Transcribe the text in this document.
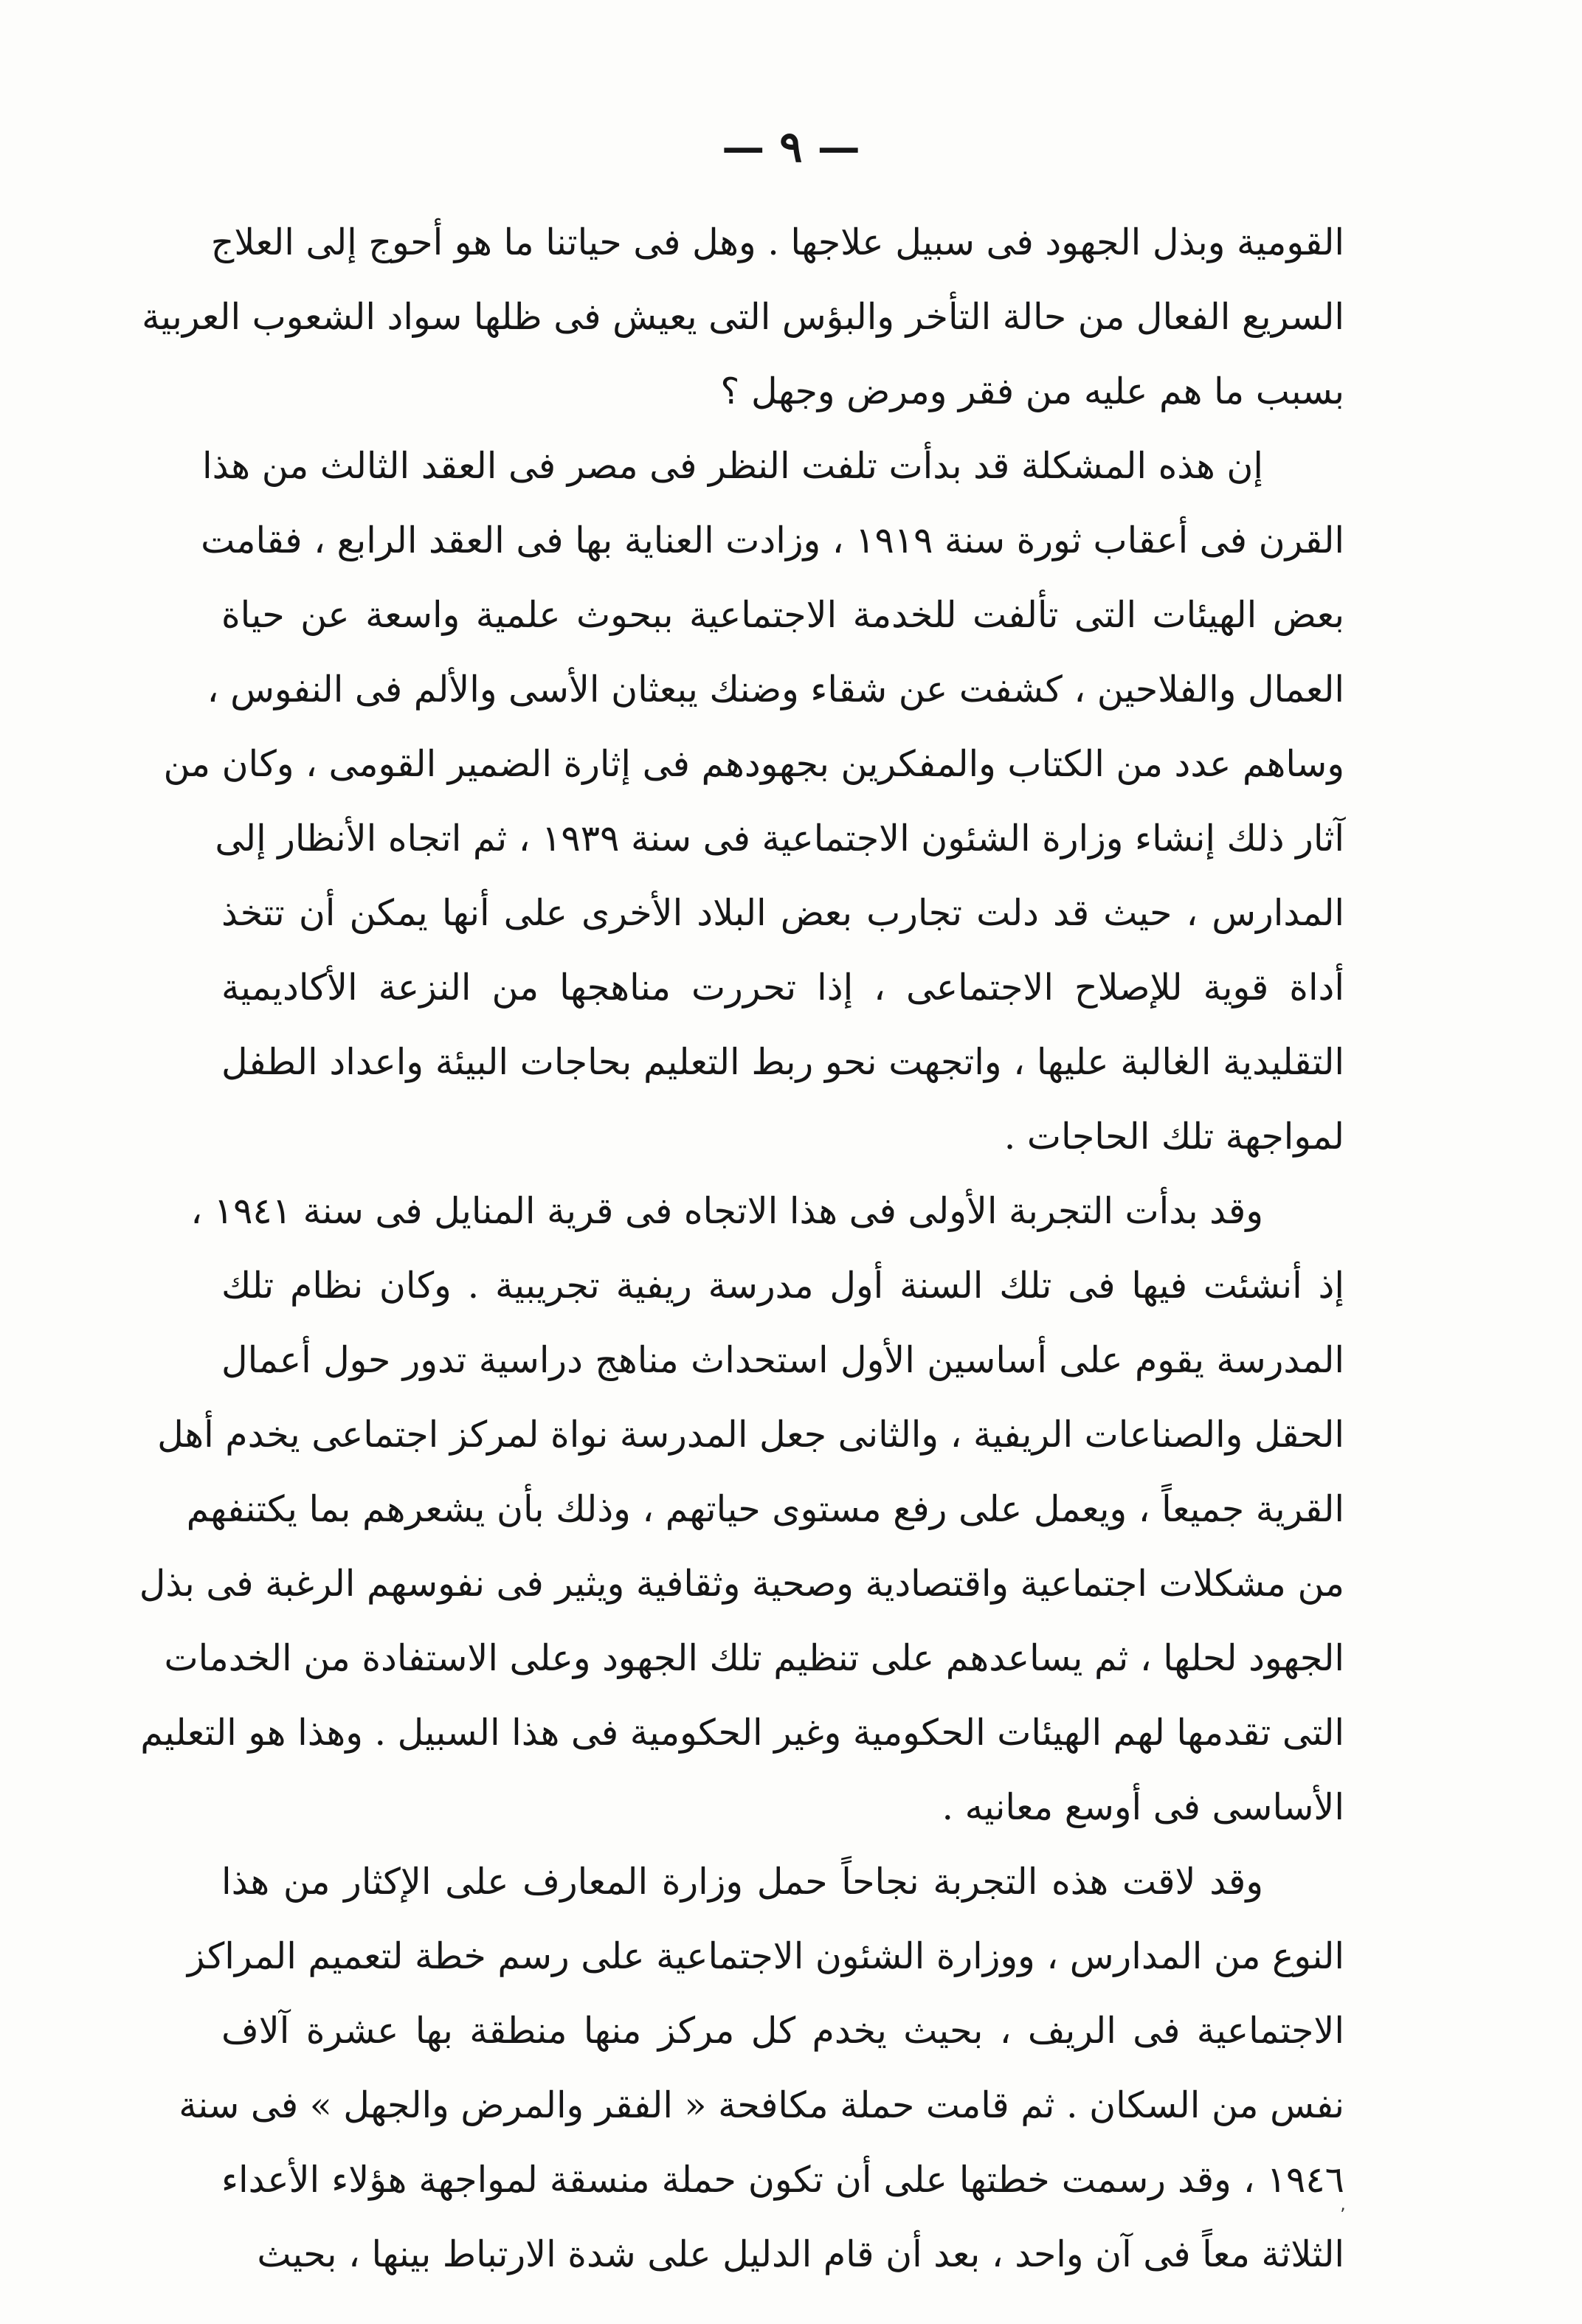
— ٩ —
القومية وبذل الجهود فى سبيل علاجها . وهل فى حياتنا ما هو أحوج إلى العلاج
السريع الفعال من حالة التأخر والبؤس التى يعيش فى ظلها سواد الشعوب العربية
بسبب ما هم عليه من فقر ومرض وجهل ؟
إن هذه المشكلة قد بدأت تلفت النظر فى مصر فى العقد الثالث من هذا
القرن فى أعقاب ثورة سنة ١٩١٩ ، وزادت العناية بها فى العقد الرابع ، فقامت
بعض الهيئات التى تألفت للخدمة الاجتماعية ببحوث علمية واسعة عن حياة
العمال والفلاحين ، كشفت عن شقاء وضنك يبعثان الأسى والألم فى النفوس ،
وساهم عدد من الكتاب والمفكرين بجهودهم فى إثارة الضمير القومى ، وكان من
آثار ذلك إنشاء وزارة الشئون الاجتماعية فى سنة ١٩٣٩ ، ثم اتجاه الأنظار إلى
المدارس ، حيث قد دلت تجارب بعض البلاد الأخرى على أنها يمكن أن تتخذ
أداة قوية للإصلاح الاجتماعى ، إذا تحررت مناهجها من النزعة الأكاديمية
التقليدية الغالبة عليها ، واتجهت نحو ربط التعليم بحاجات البيئة واعداد الطفل
لمواجهة تلك الحاجات .
وقد بدأت التجربة الأولى فى هذا الاتجاه فى قرية المنايل فى سنة ١٩٤١ ،
إذ أنشئت فيها فى تلك السنة أول مدرسة ريفية تجريبية . وكان نظام تلك
المدرسة يقوم على أساسين الأول استحداث مناهج دراسية تدور حول أعمال
الحقل والصناعات الريفية ، والثانى جعل المدرسة نواة لمركز اجتماعى يخدم أهل
القرية جميعاً ، ويعمل على رفع مستوى حياتهم ، وذلك بأن يشعرهم بما يكتنفهم
من مشكلات اجتماعية واقتصادية وصحية وثقافية ويثير فى نفوسهم الرغبة فى بذل
الجهود لحلها ، ثم يساعدهم على تنظيم تلك الجهود وعلى الاستفادة من الخدمات
التى تقدمها لهم الهيئات الحكومية وغير الحكومية فى هذا السبيل . وهذا هو التعليم
الأساسى فى أوسع معانيه .
وقد لاقت هذه التجربة نجاحاً حمل وزارة المعارف على الإكثار من هذا
النوع من المدارس ، ووزارة الشئون الاجتماعية على رسم خطة لتعميم المراكز
الاجتماعية فى الريف ، بحيث يخدم كل مركز منها منطقة بها عشرة آلاف
نفس من السكان . ثم قامت حملة مكافحة « الفقر والمرض والجهل » فى سنة
١٩٤٦ ، وقد رسمت خطتها على أن تكون حملة منسقة لمواجهة هؤلاء الأعداء
الثلاثة معاً فى آن واحد ، بعد أن قام الدليل على شدة الارتباط بينها ، بحيث
٬
